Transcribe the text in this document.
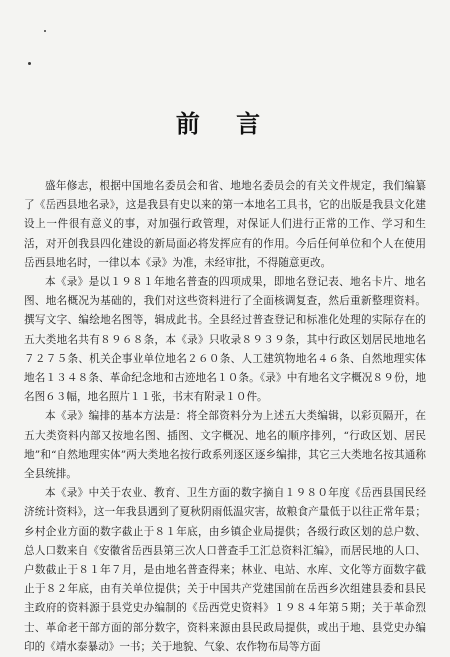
前 言

盛年修志，根据中国地名委员会和省、地地名委员会的有关文件规定，我们编纂了《岳西县地名录》，这是我县有史以来的第一本地名工具书，它的出版是我县文化建设上一件很有意义的事，对加强行政管理，对保证人们进行正常的工作、学习和生活，对开创我县四化建设的新局面必将发挥应有的作用。今后任何单位和个人在使用岳西县地名时，一律以本《录》为准，未经审批，不得随意更改。

本《录》是以１９８１年地名普查的四项成果，即地名登记表、地名卡片、地名图、地名概况为基础的，我们对这些资料进行了全面核调复查，然后重新整理资料。撰写文字、编绘地名图等，辑成此书。全县经过普查登记和标准化处理的实际存在的五大类地名共有８９６８条，本《录》只收录８９３９条，其中行政区划居民地地名７２７５条、机关企事业单位地名２６０条、人工建筑物地名４６条、自然地理实体地名１３４８条、革命纪念地和古迹地名１０条。《录》中有地名文字概况８９份，地名图６３幅，地名照片１１张，书末有附录１０件。

本《录》编排的基本方法是：将全部资料分为上述五大类编辑，以彩页隔开，在五大类资料内部又按地名图、插图、文字概况、地名的顺序排列，“行政区划、居民地”和“自然地理实体”两大类地名按行政系列逐区逐乡编排，其它三大类地名按其通称全县统排。

本《录》中关于农业、教育、卫生方面的数字摘自１９８０年度《岳西县国民经济统计资料》，这一年我县遇到了夏秋阴雨低温灾害，故粮食产量低于以往正常年景；乡村企业方面的数字截止于８１年底，由乡镇企业局提供；各级行政区划的总户数、总人口数来自《安徽省岳西县第三次人口普查手工汇总资料汇编》，而居民地的人口、户数截止于８１年７月，是由地名普查得来；林业、电站、水库、文化等方面数字截止于８２年底，由有关单位提供；关于中国共产党建国前在岳西乡次组建县委和县民主政府的资料源于县党史办编制的《岳西党史资料》１９８４年第５期；关于革命烈士、革命老干部方面的部分数字，资料来源由县民政局提供，或出于地、县党史办编印的《靖水泰暴动》一书；关于地貌、气象、农作物布局等方面
